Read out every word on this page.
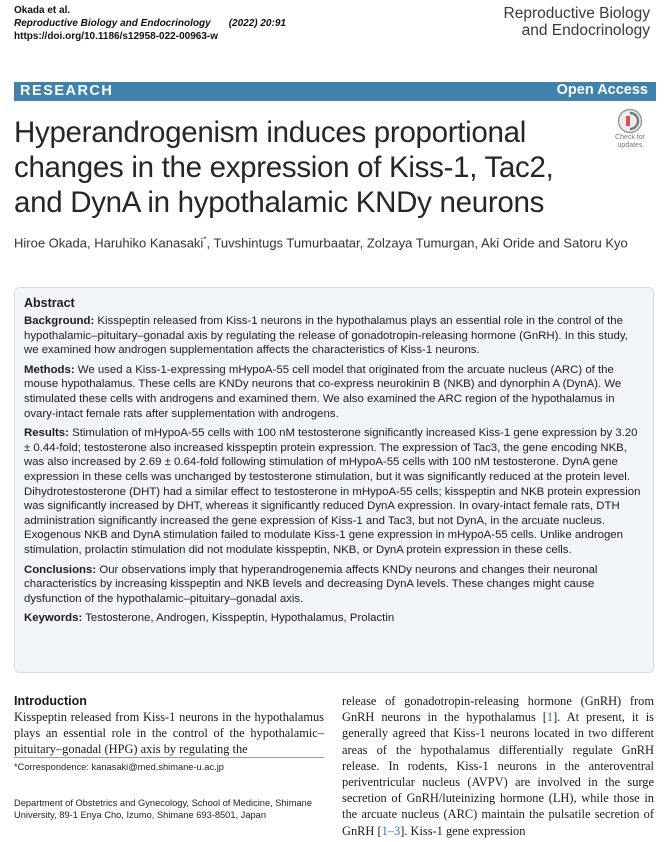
Okada et al.
Reproductive Biology and Endocrinology (2022) 20:91
https://doi.org/10.1186/s12958-022-00963-w
Reproductive Biology
and Endocrinology
RESEARCH	Open Access
Check for
updates
Hyperandrogenism induces proportional changes in the expression of Kiss-1, Tac2, and DynA in hypothalamic KNDy neurons
Hiroe Okada, Haruhiko Kanasaki*, Tuvshintugs Tumurbaatar, Zolzaya Tumurgan, Aki Oride and Satoru Kyo
Abstract

Background: Kisspeptin released from Kiss-1 neurons in the hypothalamus plays an essential role in the control of the hypothalamic–pituitary–gonadal axis by regulating the release of gonadotropin-releasing hormone (GnRH). In this study, we examined how androgen supplementation affects the characteristics of Kiss-1 neurons.

Methods: We used a Kiss-1-expressing mHypoA-55 cell model that originated from the arcuate nucleus (ARC) of the mouse hypothalamus. These cells are KNDy neurons that co-express neurokinin B (NKB) and dynorphin A (DynA). We stimulated these cells with androgens and examined them. We also examined the ARC region of the hypothalamus in ovary-intact female rats after supplementation with androgens.

Results: Stimulation of mHypoA-55 cells with 100 nM testosterone significantly increased Kiss-1 gene expression by 3.20 ± 0.44-fold; testosterone also increased kisspeptin protein expression. The expression of Tac3, the gene encoding NKB, was also increased by 2.69 ± 0.64-fold following stimulation of mHypoA-55 cells with 100 nM testosterone. DynA gene expression in these cells was unchanged by testosterone stimulation, but it was significantly reduced at the protein level. Dihydrotestosterone (DHT) had a similar effect to testosterone in mHypoA-55 cells; kisspeptin and NKB protein expression was significantly increased by DHT, whereas it significantly reduced DynA expression. In ovary-intact female rats, DTH administration significantly increased the gene expression of Kiss-1 and Tac3, but not DynA, in the arcuate nucleus. Exogenous NKB and DynA stimulation failed to modulate Kiss-1 gene expression in mHypoA-55 cells. Unlike androgen stimulation, prolactin stimulation did not modulate kisspeptin, NKB, or DynA protein expression in these cells.

Conclusions: Our observations imply that hyperandrogenemia affects KNDy neurons and changes their neuronal characteristics by increasing kisspeptin and NKB levels and decreasing DynA levels. These changes might cause dysfunction of the hypothalamic–pituitary–gonadal axis.

Keywords: Testosterone, Androgen, Kisspeptin, Hypothalamus, Prolactin

Introduction
Kisspeptin released from Kiss-1 neurons in the hypothalamus plays an essential role in the control of the hypothalamic–pituitary–gonadal (HPG) axis by regulating the
release of gonadotropin-releasing hormone (GnRH) from GnRH neurons in the hypothalamus [1]. At present, it is generally agreed that Kiss-1 neurons located in two different areas of the hypothalamus differentially regulate GnRH release. In rodents, Kiss-1 neurons in the anteroventral periventricular nucleus (AVPV) are involved in the surge secretion of GnRH/luteinizing hormone (LH), while those in the arcuate nucleus (ARC) maintain the pulsatile secretion of GnRH [1–3]. Kiss-1 gene expression
*Correspondence: kanasaki@med.shimane-u.ac.jp
Department of Obstetrics and Gynecology, School of Medicine, Shimane University, 89-1 Enya Cho, Izumo, Shimane 693-8501, Japan
